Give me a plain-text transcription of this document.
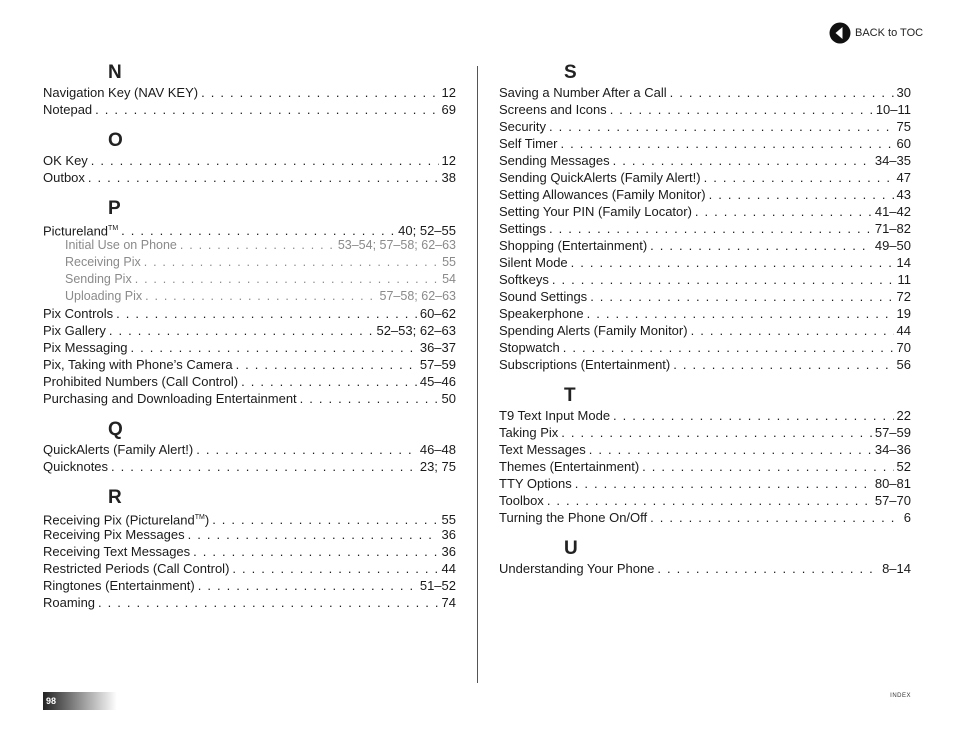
BACK to TOC
N
Navigation Key (NAV KEY) . . .	12
Notepad . . .	69
O
OK Key . . .	12
Outbox . . .	38
P
Pictureland™ . . .	40; 52–55
Initial Use on Phone . . .	53–54; 57–58; 62–63
Receiving Pix . . .	55
Sending Pix . . .	54
Uploading Pix . . .	57–58; 62–63
Pix Controls . . .	60–62
Pix Gallery . . .	52–53; 62–63
Pix Messaging . . .	36–37
Pix, Taking with Phone’s Camera . . .	57–59
Prohibited Numbers (Call Control) . . .	45–46
Purchasing and Downloading Entertainment . . .	50
Q
QuickAlerts (Family Alert!) . . .	46–48
Quicknotes . . .	23; 75
R
Receiving Pix (Pictureland™) . . .	55
Receiving Pix Messages . . .	36
Receiving Text Messages . . .	36
Restricted Periods (Call Control) . . .	44
Ringtones (Entertainment) . . .	51–52
Roaming . . .	74
S
Saving a Number After a Call . . .	30
Screens and Icons . . .	10–11
Security . . .	75
Self Timer . . .	60
Sending Messages . . .	34–35
Sending QuickAlerts (Family Alert!) . . .	47
Setting Allowances (Family Monitor) . . .	43
Setting Your PIN (Family Locator) . . .	41–42
Settings . . .	71–82
Shopping (Entertainment) . . .	49–50
Silent Mode . . .	14
Softkeys . . .	11
Sound Settings . . .	72
Speakerphone . . .	19
Spending Alerts (Family Monitor) . . .	44
Stopwatch . . .	70
Subscriptions (Entertainment) . . .	56
T
T9 Text Input Mode . . .	22
Taking Pix . . .	57–59
Text Messages . . .	34–36
Themes (Entertainment) . . .	52
TTY Options . . .	80–81
Toolbox . . .	57–70
Turning the Phone On/Off . . .	6
U
Understanding Your Phone . . .	8–14
98	INDEX
